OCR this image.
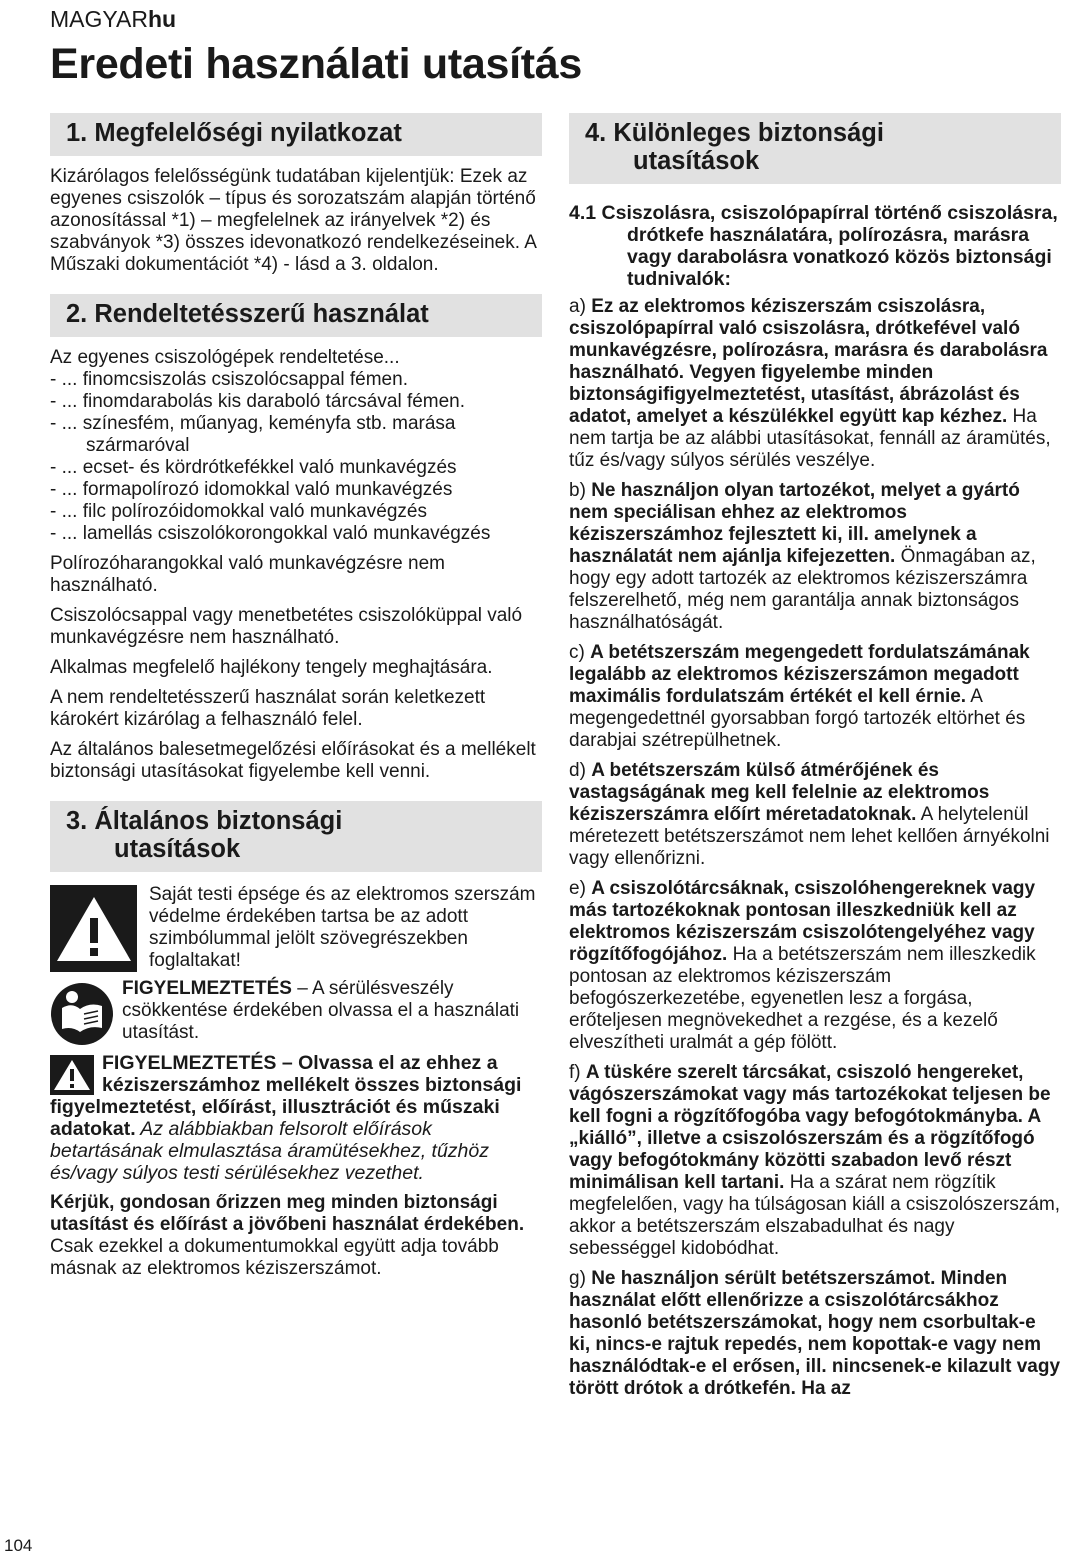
MAGYARhu
Eredeti használati utasítás
1. Megfelelőségi nyilatkozat

Kizárólagos felelősségünk tudatában kijelentjük: Ezek az egyenes csiszolók – típus és sorozatszám alapján történő azonosítással *1) – megfelelnek az irányelvek *2) és szabványok *3) összes idevonatkozó rendelkezéseinek. A Műszaki dokumentációt *4) - lásd a 3. oldalon.

2. Rendeltetésszerű használat

Az egyenes csiszológépek rendeltetése...

- ... finomcsiszolás csiszolócsappal fémen.
- ... finomdarabolás kis daraboló tárcsával fémen.
- ... színesfém, műanyag, keményfa stb. marása szármaróval
- ... ecset- és kördrótkefékkel való munkavégzés
- ... formapolírozó idomokkal való munkavégzés
- ... filc polírozóidomokkal való munkavégzés
- ... lamellás csiszolókorongokkal való munkavégzés

Polírozóharangokkal való munkavégzésre nem használható.

Csiszolócsappal vagy menetbetétes csiszolóküppal való munkavégzésre nem használható.

Alkalmas megfelelő hajlékony tengely meghajtására.

A nem rendeltetésszerű használat során keletkezett károkért kizárólag a felhasználó felel.

Az általános balesetmegelőzési előírásokat és a mellékelt biztonsági utasításokat figyelembe kell venni.

3. Általános biztonsági
utasítások
Saját testi épsége és az elektromos szerszám védelme érdekében tartsa be az adott szimbólummal jelölt szövegrészekben foglaltakat!
FIGYELMEZTETÉS – A sérülésveszély csökkentése érdekében olvassa el a használati utasítást.
FIGYELMEZTETÉS – Olvassa el az ehhez a kéziszerszámhoz mellékelt összes biztonsági figyelmeztetést, előírást, illusztrációt és műszaki adatokat. Az alábbiakban felsorolt előírások betartásának elmulasztása áramütésekhez, tűzhöz és/vagy súlyos testi sérülésekhez vezethet.

Kérjük, gondosan őrizzen meg minden biztonsági utasítást és előírást a jövőbeni használat érdekében.

Csak ezekkel a dokumentumokkal együtt adja tovább másnak az elektromos kéziszerszámot.

4. Különleges biztonsági
utasítások
4.1 Csiszolásra, csiszolópapírral történő csiszolásra, drótkefe használatára, polírozásra, marásra vagy darabolásra vonatkozó közös biztonsági tudnivalók:

a) Ez az elektromos kéziszerszám csiszolásra, csiszolópapírral való csiszolásra, drótkefével való munkavégzésre, polírozásra, marásra és darabolásra használható. Vegyen figyelembe minden biztonságifigyelmeztetést, utasítást, ábrázolást és adatot, amelyet a készülékkel együtt kap kézhez. Ha nem tartja be az alábbi utasításokat, fennáll az áramütés, tűz és/vagy súlyos sérülés veszélye.

b) Ne használjon olyan tartozékot, melyet a gyártó nem speciálisan ehhez az elektromos kéziszerszámhoz fejlesztett ki, ill. amelynek a használatát nem ajánlja kifejezetten. Önmagában az, hogy egy adott tartozék az elektromos kéziszerszámra felszerelhető, még nem garantálja annak biztonságos használhatóságát.

c) A betétszerszám megengedett fordulatszámának legalább az elektromos kéziszerszámon megadott maximális fordulatszám értékét el kell érnie. A megengedettnél gyorsabban forgó tartozék eltörhet és darabjai szétrepülhetnek.

d) A betétszerszám külső átmérőjének és vastagságának meg kell felelnie az elektromos kéziszerszámra előírt méretadatoknak. A helytelenül méretezett betétszerszámot nem lehet kellően árnyékolni vagy ellenőrizni.

e) A csiszolótárcsáknak, csiszolóhengereknek vagy más tartozékoknak pontosan illeszkedniük kell az elektromos kéziszerszám csiszolótengelyéhez vagy rögzítőfogójához. Ha a betétszerszám nem illeszkedik pontosan az elektromos kéziszerszám befogószerkezetébe, egyenetlen lesz a forgása, erőteljesen megnövekedhet a rezgése, és a kezelő elveszítheti uralmát a gép fölött.

f) A tüskére szerelt tárcsákat, csiszoló hengereket, vágószerszámokat vagy más tartozékokat teljesen be kell fogni a rögzítőfogóba vagy befogótokmányba. A „kiálló”, illetve a csiszolószerszám és a rögzítőfogó vagy befogótokmány közötti szabadon levő részt minimálisan kell tartani. Ha a szárat nem rögzítik megfelelően, vagy ha túlságosan kiáll a csiszolószerszám, akkor a betétszerszám elszabadulhat és nagy sebességgel kidobódhat.

g) Ne használjon sérült betétszerszámot. Minden használat előtt ellenőrizze a csiszolótárcsákhoz hasonló betétszerszámokat, hogy nem csorbultak-e ki, nincs-e rajtuk repedés, nem kopottak-e vagy nem használódtak-e el erősen, ill. nincsenek-e kilazult vagy törött drótok a drótkefén. Ha az

104
